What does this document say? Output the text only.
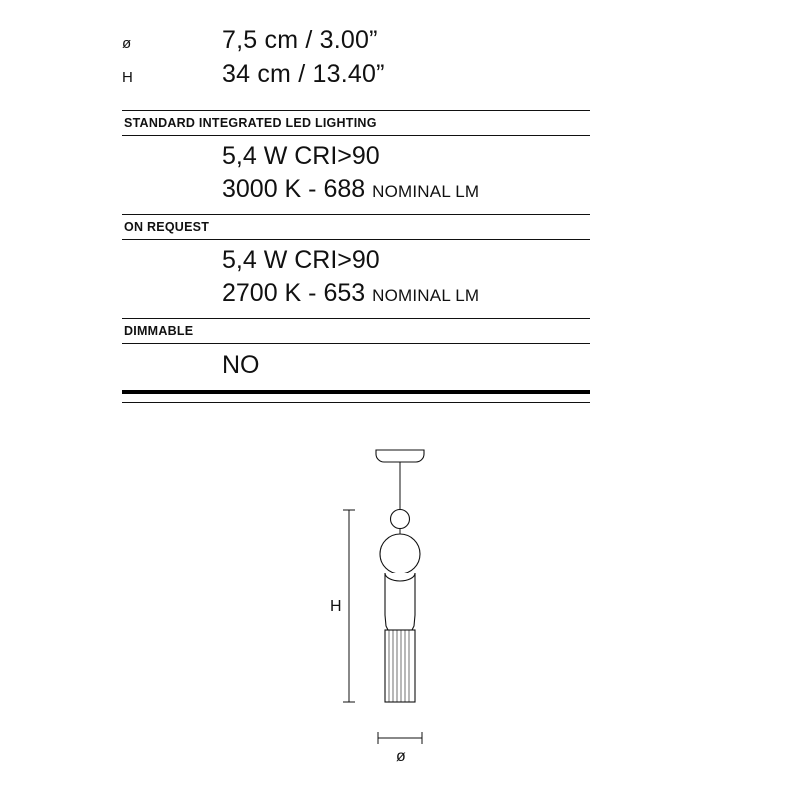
ø	7,5 cm / 3.00”
H	34 cm / 13.40”
STANDARD INTEGRATED LED LIGHTING
5,4 W CRI>90
3000 K - 688 NOMINAL LM
ON REQUEST
5,4 W CRI>90
2700 K - 653 NOMINAL LM
DIMMABLE
NO
H
ø
